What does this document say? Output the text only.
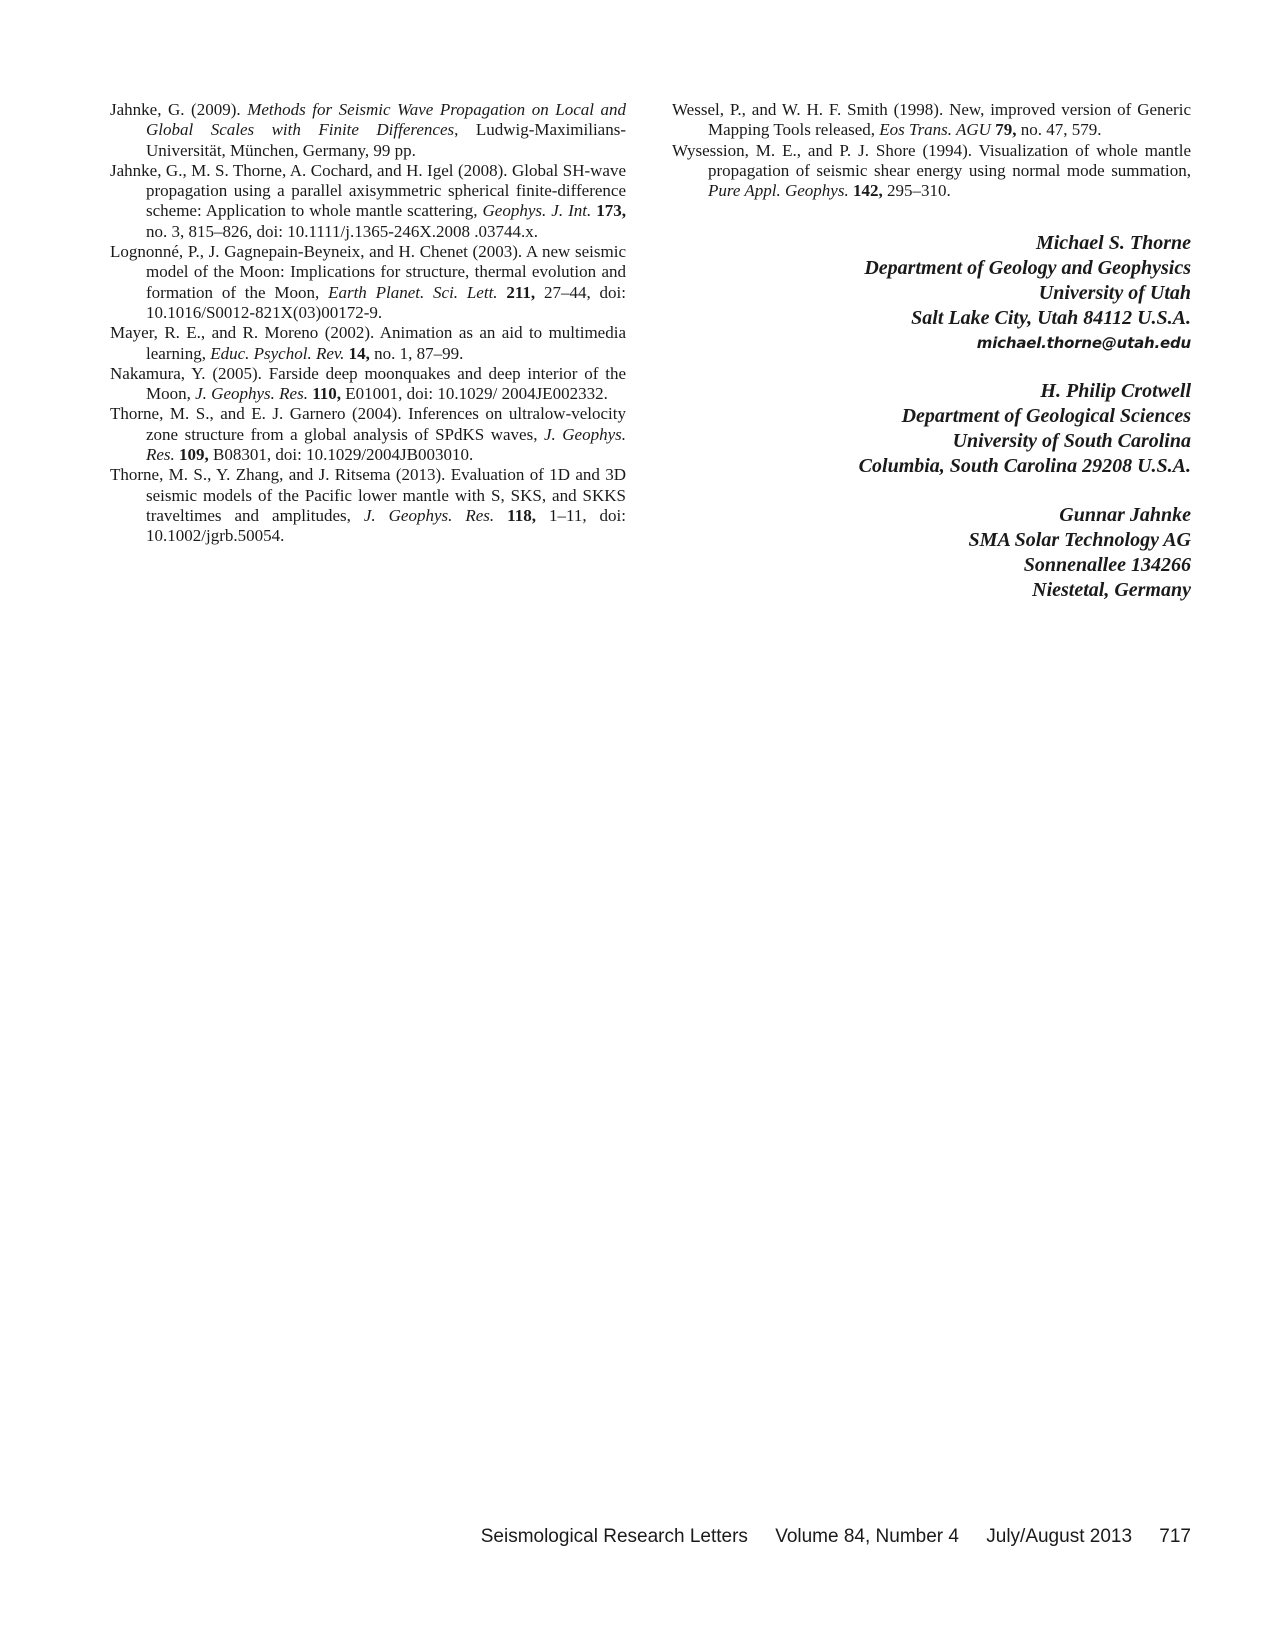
Jahnke, G. (2009). Methods for Seismic Wave Propagation on Local and Global Scales with Finite Differences, Ludwig-Maximilians-Universität, München, Germany, 99 pp.

Jahnke, G., M. S. Thorne, A. Cochard, and H. Igel (2008). Global SH-wave propagation using a parallel axisymmetric spherical finite-difference scheme: Application to whole mantle scattering, Geophys. J. Int. 173, no. 3, 815–826, doi: 10.1111/j.1365-246X.2008 .03744.x.

Lognonné, P., J. Gagnepain-Beyneix, and H. Chenet (2003). A new seismic model of the Moon: Implications for structure, thermal evolution and formation of the Moon, Earth Planet. Sci. Lett. 211, 27–44, doi: 10.1016/S0012-821X(03)00172-9.

Mayer, R. E., and R. Moreno (2002). Animation as an aid to multimedia learning, Educ. Psychol. Rev. 14, no. 1, 87–99.

Nakamura, Y. (2005). Farside deep moonquakes and deep interior of the Moon, J. Geophys. Res. 110, E01001, doi: 10.1029/ 2004JE002332.

Thorne, M. S., and E. J. Garnero (2004). Inferences on ultralow-velocity zone structure from a global analysis of SPdKS waves, J. Geophys. Res. 109, B08301, doi: 10.1029/2004JB003010.

Thorne, M. S., Y. Zhang, and J. Ritsema (2013). Evaluation of 1D and 3D seismic models of the Pacific lower mantle with S, SKS, and SKKS traveltimes and amplitudes, J. Geophys. Res. 118, 1–11, doi: 10.1002/jgrb.50054.

Wessel, P., and W. H. F. Smith (1998). New, improved version of Generic Mapping Tools released, Eos Trans. AGU 79, no. 47, 579.

Wysession, M. E., and P. J. Shore (1994). Visualization of whole mantle propagation of seismic shear energy using normal mode summation, Pure Appl. Geophys. 142, 295–310.

Michael S. Thorne
Department of Geology and Geophysics
University of Utah
Salt Lake City, Utah 84112 U.S.A.
michael.thorne@utah.edu
H. Philip Crotwell
Department of Geological Sciences
University of South Carolina
Columbia, South Carolina 29208 U.S.A.
Gunnar Jahnke
SMA Solar Technology AG
Sonnenallee 134266
Niestetal, Germany
Seismological Research Letters Volume 84, Number 4 July/August 2013 717
